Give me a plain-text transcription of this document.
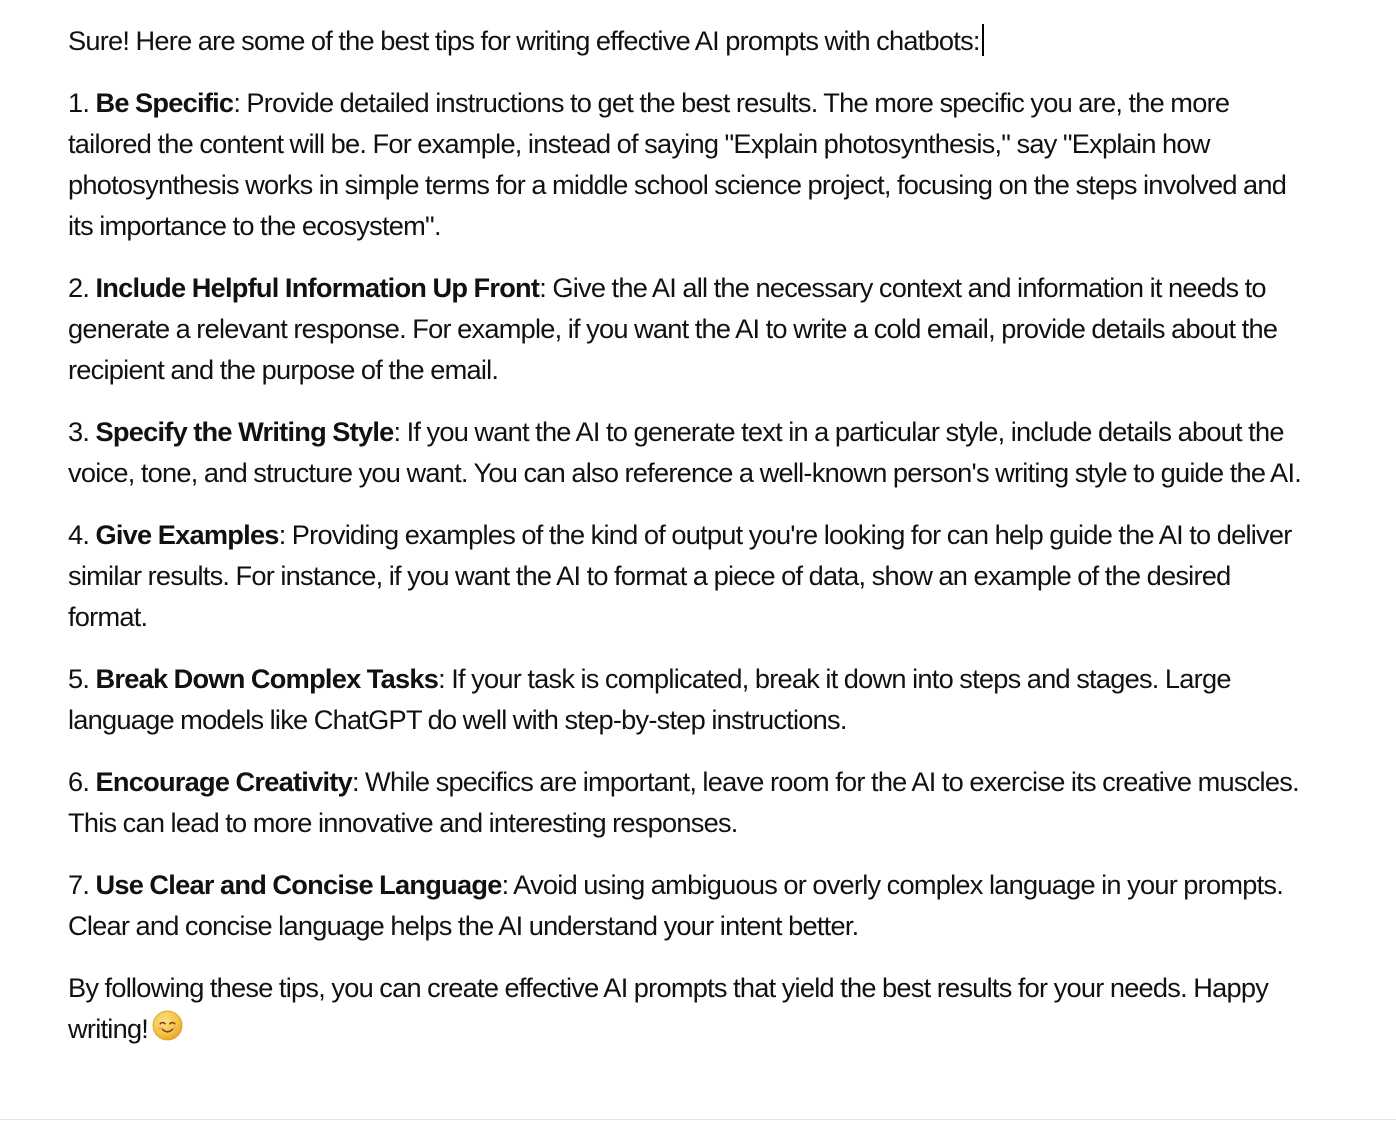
Sure! Here are some of the best tips for writing effective AI prompts with chatbots:

1. Be Specific: Provide detailed instructions to get the best results. The more specific you are, the more tailored the content will be. For example, instead of saying "Explain photosynthesis," say "Explain how photosynthesis works in simple terms for a middle school science project, focusing on the steps involved and its importance to the ecosystem".

2. Include Helpful Information Up Front: Give the AI all the necessary context and information it needs to generate a relevant response. For example, if you want the AI to write a cold email, provide details about the recipient and the purpose of the email.

3. Specify the Writing Style: If you want the AI to generate text in a particular style, include details about the voice, tone, and structure you want. You can also reference a well-known person's writing style to guide the AI.

4. Give Examples: Providing examples of the kind of output you're looking for can help guide the AI to deliver similar results. For instance, if you want the AI to format a piece of data, show an example of the desired format.

5. Break Down Complex Tasks: If your task is complicated, break it down into steps and stages. Large language models like ChatGPT do well with step-by-step instructions.

6. Encourage Creativity: While specifics are important, leave room for the AI to exercise its creative muscles. This can lead to more innovative and interesting responses.

7. Use Clear and Concise Language: Avoid using ambiguous or overly complex language in your prompts. Clear and concise language helps the AI understand your intent better.

By following these tips, you can create effective AI prompts that yield the best results for your needs. Happy writing!
